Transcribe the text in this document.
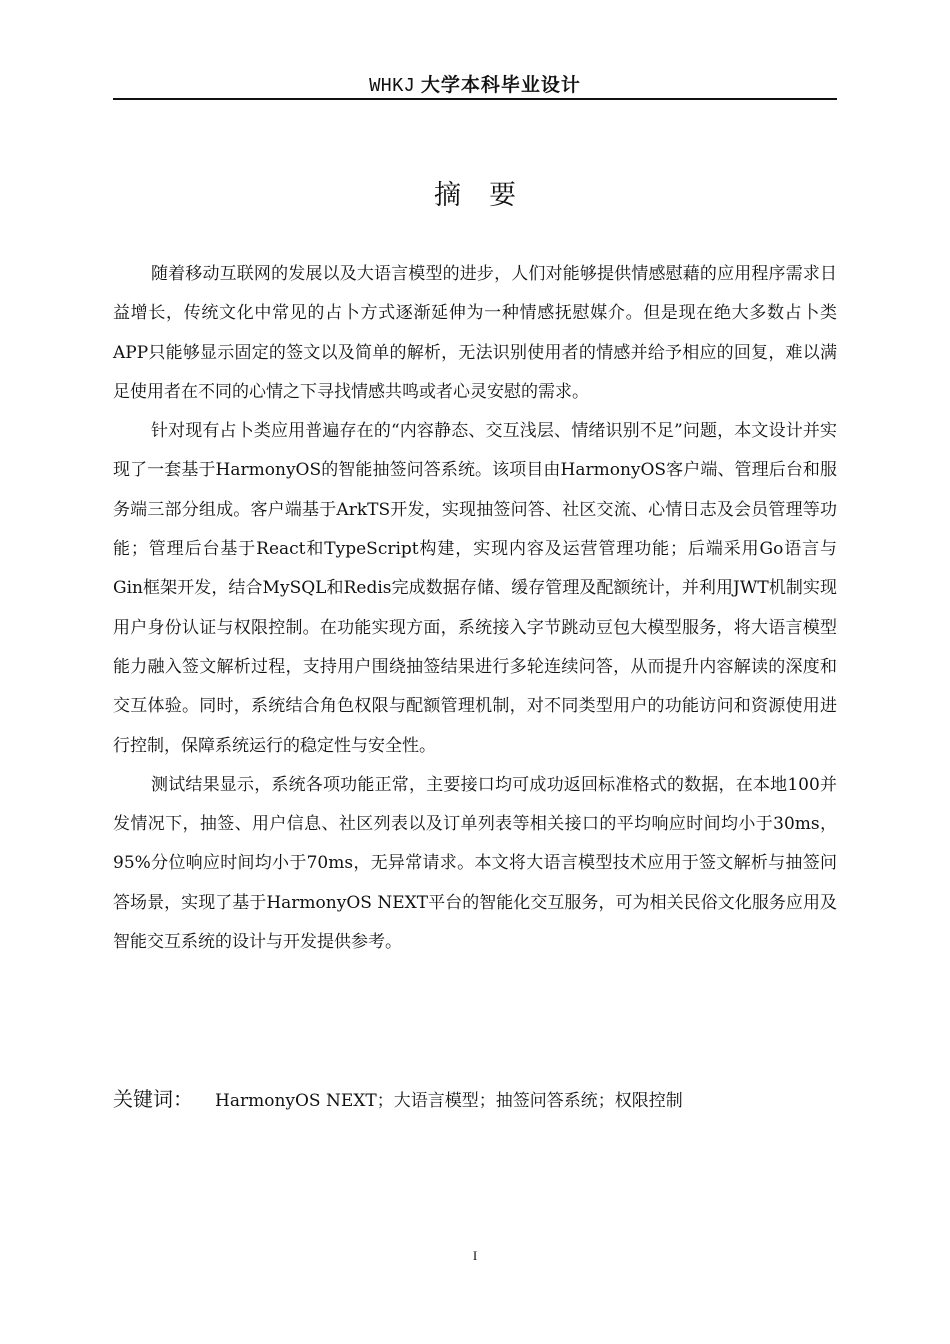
WHKJ 大学本科毕业设计
摘要

随着移动互联网的发展以及大语言模型的进步，人们对能够提供情感慰藉的应用程序需求日益增长，传统文化中常见的占卜方式逐渐延伸为一种情感抚慰媒介。但是现在绝大多数占卜类APP只能够显示固定的签文以及简单的解析，无法识别使用者的情感并给予相应的回复，难以满足使用者在不同的心情之下寻找情感共鸣或者心灵安慰的需求。

针对现有占卜类应用普遍存在的“内容静态、交互浅层、情绪识别不足”问题，本文设计并实现了一套基于HarmonyOS的智能抽签问答系统。该项目由HarmonyOS客户端、管理后台和服务端三部分组成。客户端基于ArkTS开发，实现抽签问答、社区交流、心情日志及会员管理等功能；管理后台基于React和TypeScript构建，实现内容及运营管理功能；后端采用Go语言与Gin框架开发，结合MySQL和Redis完成数据存储、缓存管理及配额统计，并利用JWT机制实现用户身份认证与权限控制。在功能实现方面，系统接入字节跳动豆包大模型服务，将大语言模型能力融入签文解析过程，支持用户围绕抽签结果进行多轮连续问答，从而提升内容解读的深度和交互体验。同时，系统结合角色权限与配额管理机制，对不同类型用户的功能访问和资源使用进行控制，保障系统运行的稳定性与安全性。

测试结果显示，系统各项功能正常，主要接口均可成功返回标准格式的数据，在本地100并发情况下，抽签、用户信息、社区列表以及订单列表等相关接口的平均响应时间均小于30ms，95%分位响应时间均小于70ms，无异常请求。本文将大语言模型技术应用于签文解析与抽签问答场景，实现了基于HarmonyOS NEXT平台的智能化交互服务，可为相关民俗文化服务应用及智能交互系统的设计与开发提供参考。

关键词： HarmonyOS NEXT；大语言模型；抽签问答系统；权限控制
I
